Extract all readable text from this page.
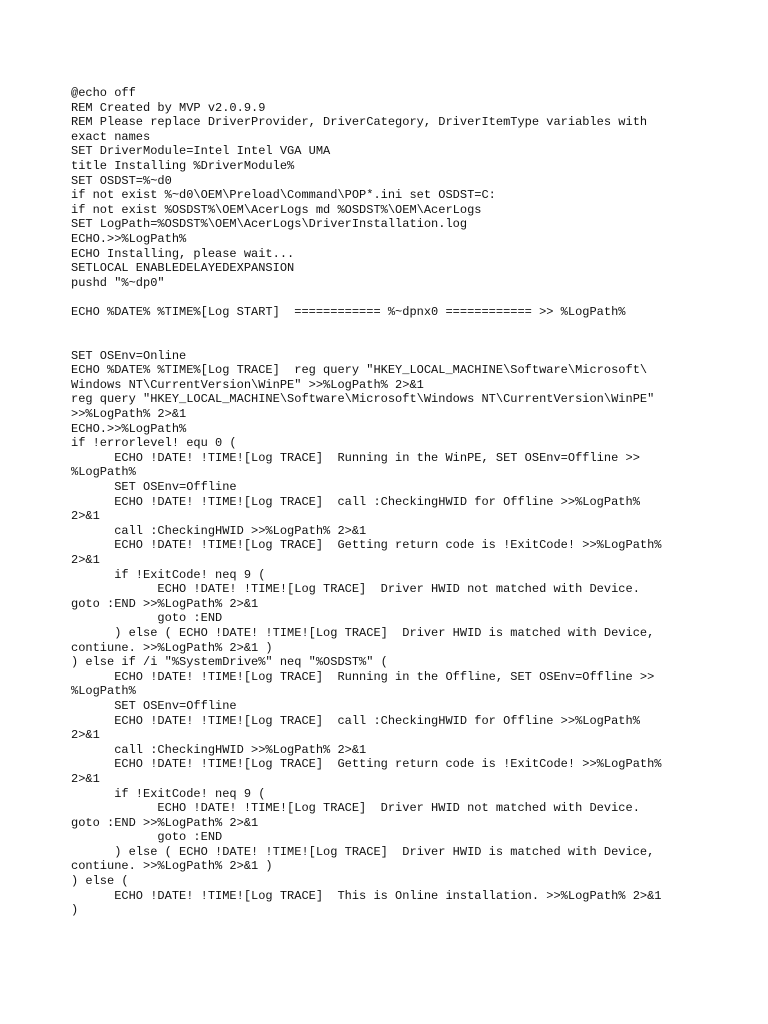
@echo off
REM Created by MVP v2.0.9.9
REM Please replace DriverProvider, DriverCategory, DriverItemType variables with
exact names
SET DriverModule=Intel Intel VGA UMA
title Installing %DriverModule%
SET OSDST=%~d0
if not exist %~d0\OEM\Preload\Command\POP*.ini set OSDST=C:
if not exist %OSDST%\OEM\AcerLogs md %OSDST%\OEM\AcerLogs
SET LogPath=%OSDST%\OEM\AcerLogs\DriverInstallation.log
ECHO.>>%LogPath%
ECHO Installing, please wait...
SETLOCAL ENABLEDELAYEDEXPANSION
pushd "%~dp0"
ECHO %DATE% %TIME%[Log START]  ============ %~dpnx0 ============ >> %LogPath%
SET OSEnv=Online
ECHO %DATE% %TIME%[Log TRACE]  reg query "HKEY_LOCAL_MACHINE\Software\Microsoft\
Windows NT\CurrentVersion\WinPE" >>%LogPath% 2>&1
reg query "HKEY_LOCAL_MACHINE\Software\Microsoft\Windows NT\CurrentVersion\WinPE"
>>%LogPath% 2>&1
ECHO.>>%LogPath%
if !errorlevel! equ 0 (
ECHO !DATE! !TIME![Log TRACE]  Running in the WinPE, SET OSEnv=Offline >>
%LogPath%
SET OSEnv=Offline
ECHO !DATE! !TIME![Log TRACE]  call :CheckingHWID for Offline >>%LogPath%
2>&1
call :CheckingHWID >>%LogPath% 2>&1
ECHO !DATE! !TIME![Log TRACE]  Getting return code is !ExitCode! >>%LogPath%
2>&1
if !ExitCode! neq 9 (
ECHO !DATE! !TIME![Log TRACE]  Driver HWID not matched with Device.
goto :END >>%LogPath% 2>&1
goto :END
) else ( ECHO !DATE! !TIME![Log TRACE]  Driver HWID is matched with Device,
contiune. >>%LogPath% 2>&1 )
) else if /i "%SystemDrive%" neq "%OSDST%" (
ECHO !DATE! !TIME![Log TRACE]  Running in the Offline, SET OSEnv=Offline >>
%LogPath%
SET OSEnv=Offline
ECHO !DATE! !TIME![Log TRACE]  call :CheckingHWID for Offline >>%LogPath%
2>&1
call :CheckingHWID >>%LogPath% 2>&1
ECHO !DATE! !TIME![Log TRACE]  Getting return code is !ExitCode! >>%LogPath%
2>&1
if !ExitCode! neq 9 (
ECHO !DATE! !TIME![Log TRACE]  Driver HWID not matched with Device.
goto :END >>%LogPath% 2>&1
goto :END
) else ( ECHO !DATE! !TIME![Log TRACE]  Driver HWID is matched with Device,
contiune. >>%LogPath% 2>&1 )
) else (
ECHO !DATE! !TIME![Log TRACE]  This is Online installation. >>%LogPath% 2>&1
)
